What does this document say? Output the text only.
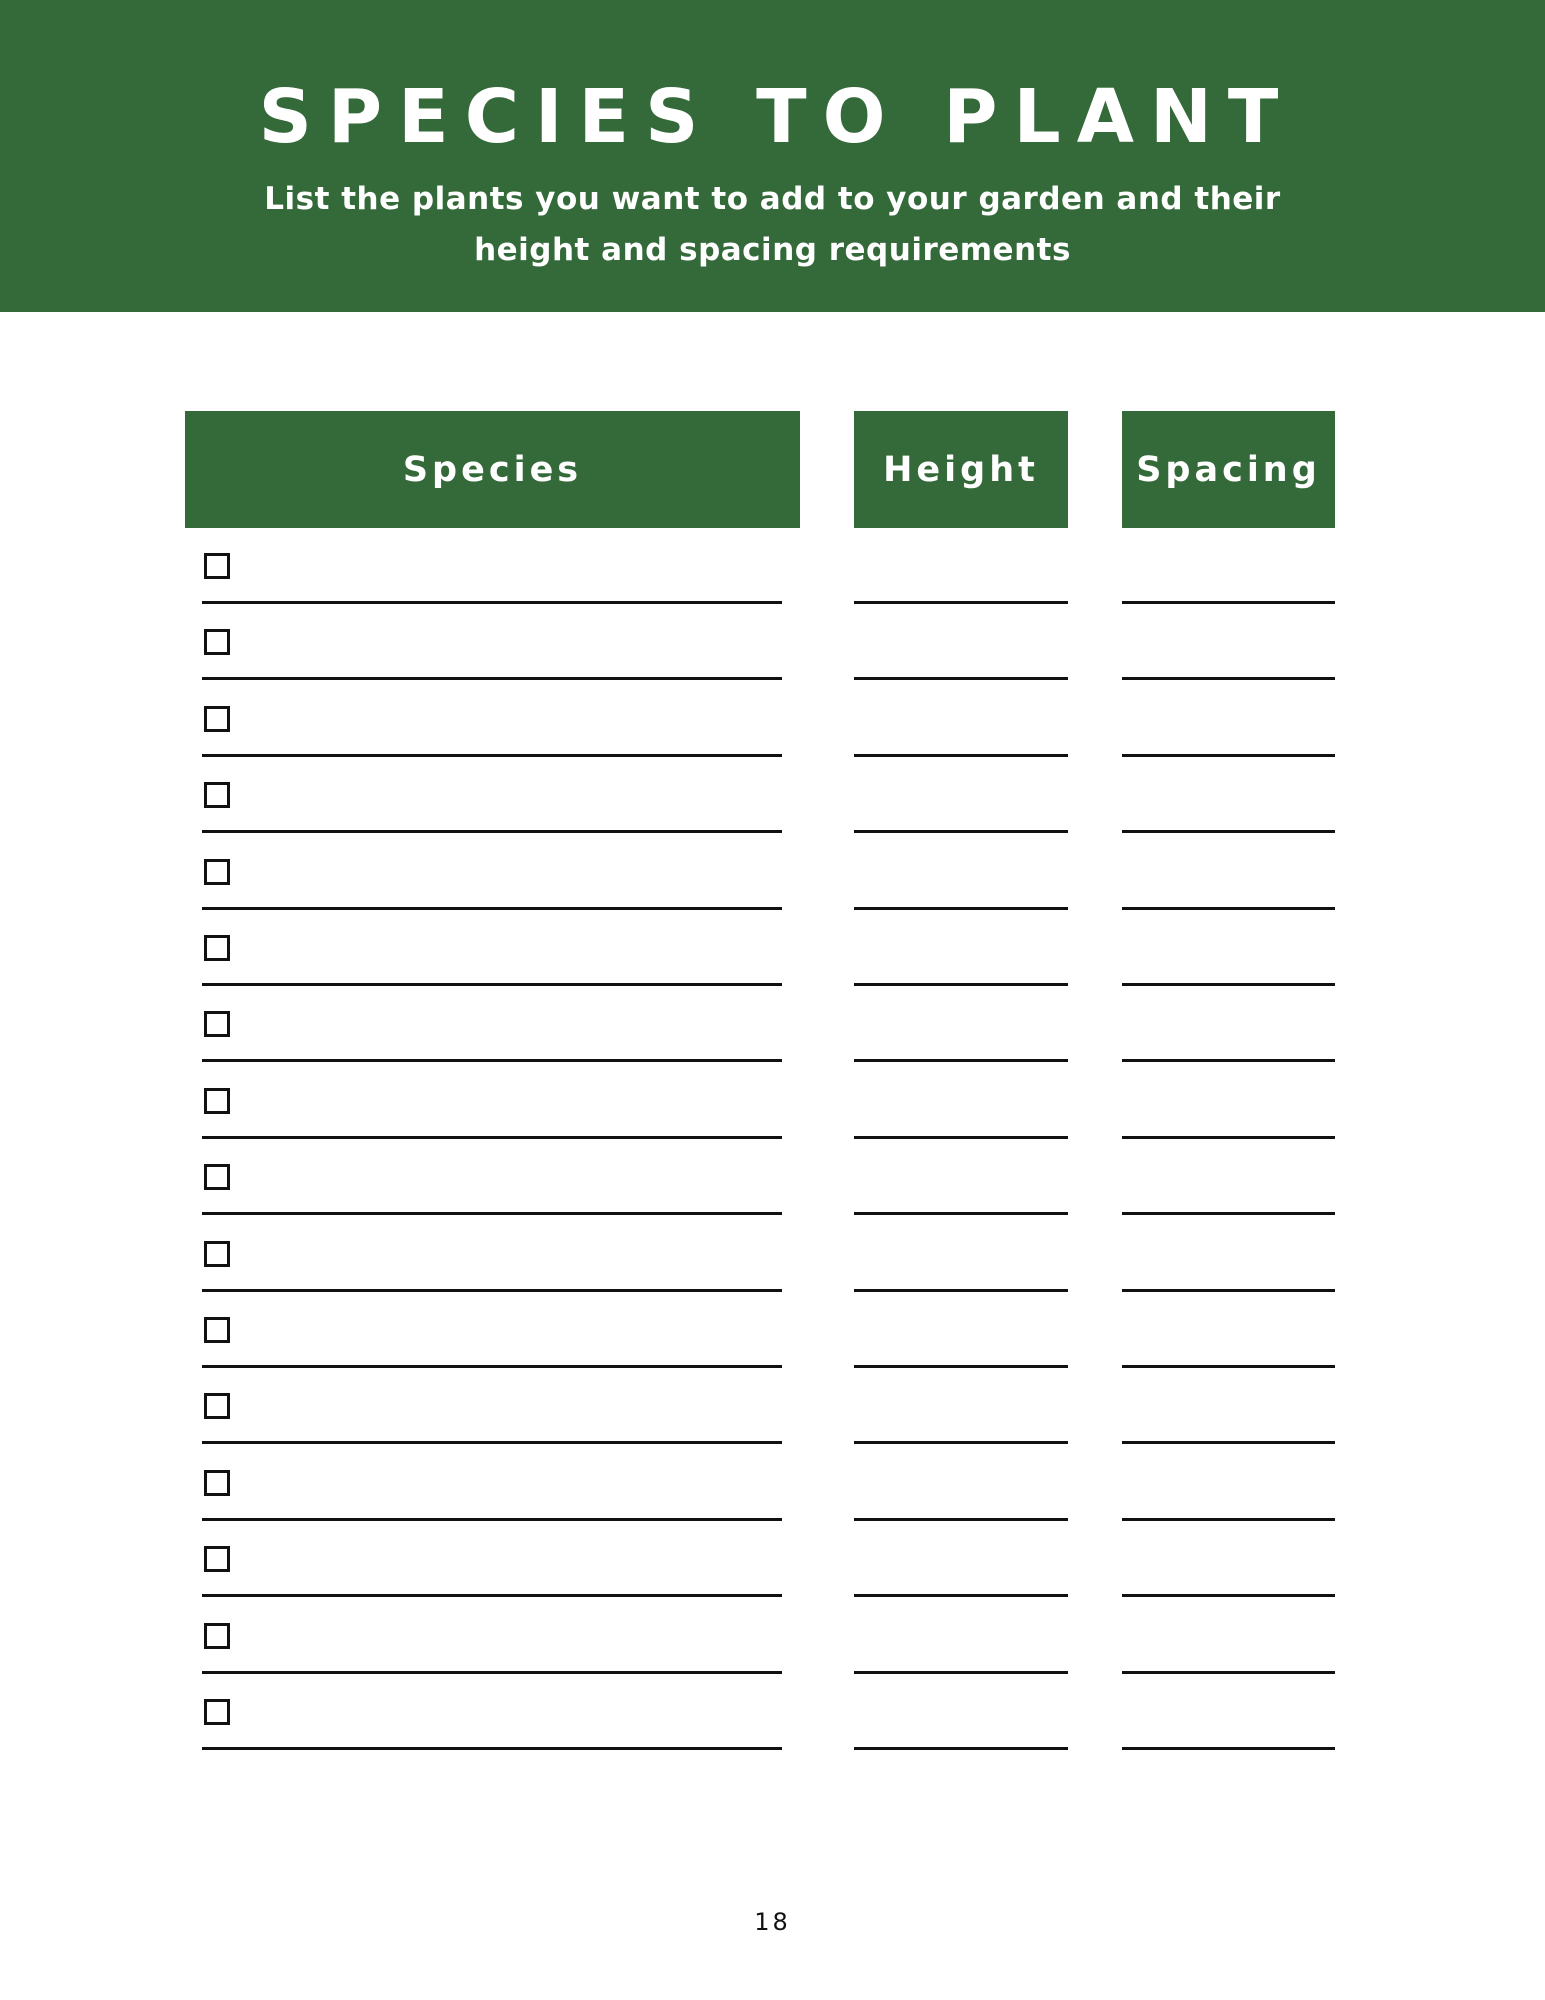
SPECIES TO PLANT
List the plants you want to add to your garden and their height and spacing requirements
Species	Height	Spacing
18
